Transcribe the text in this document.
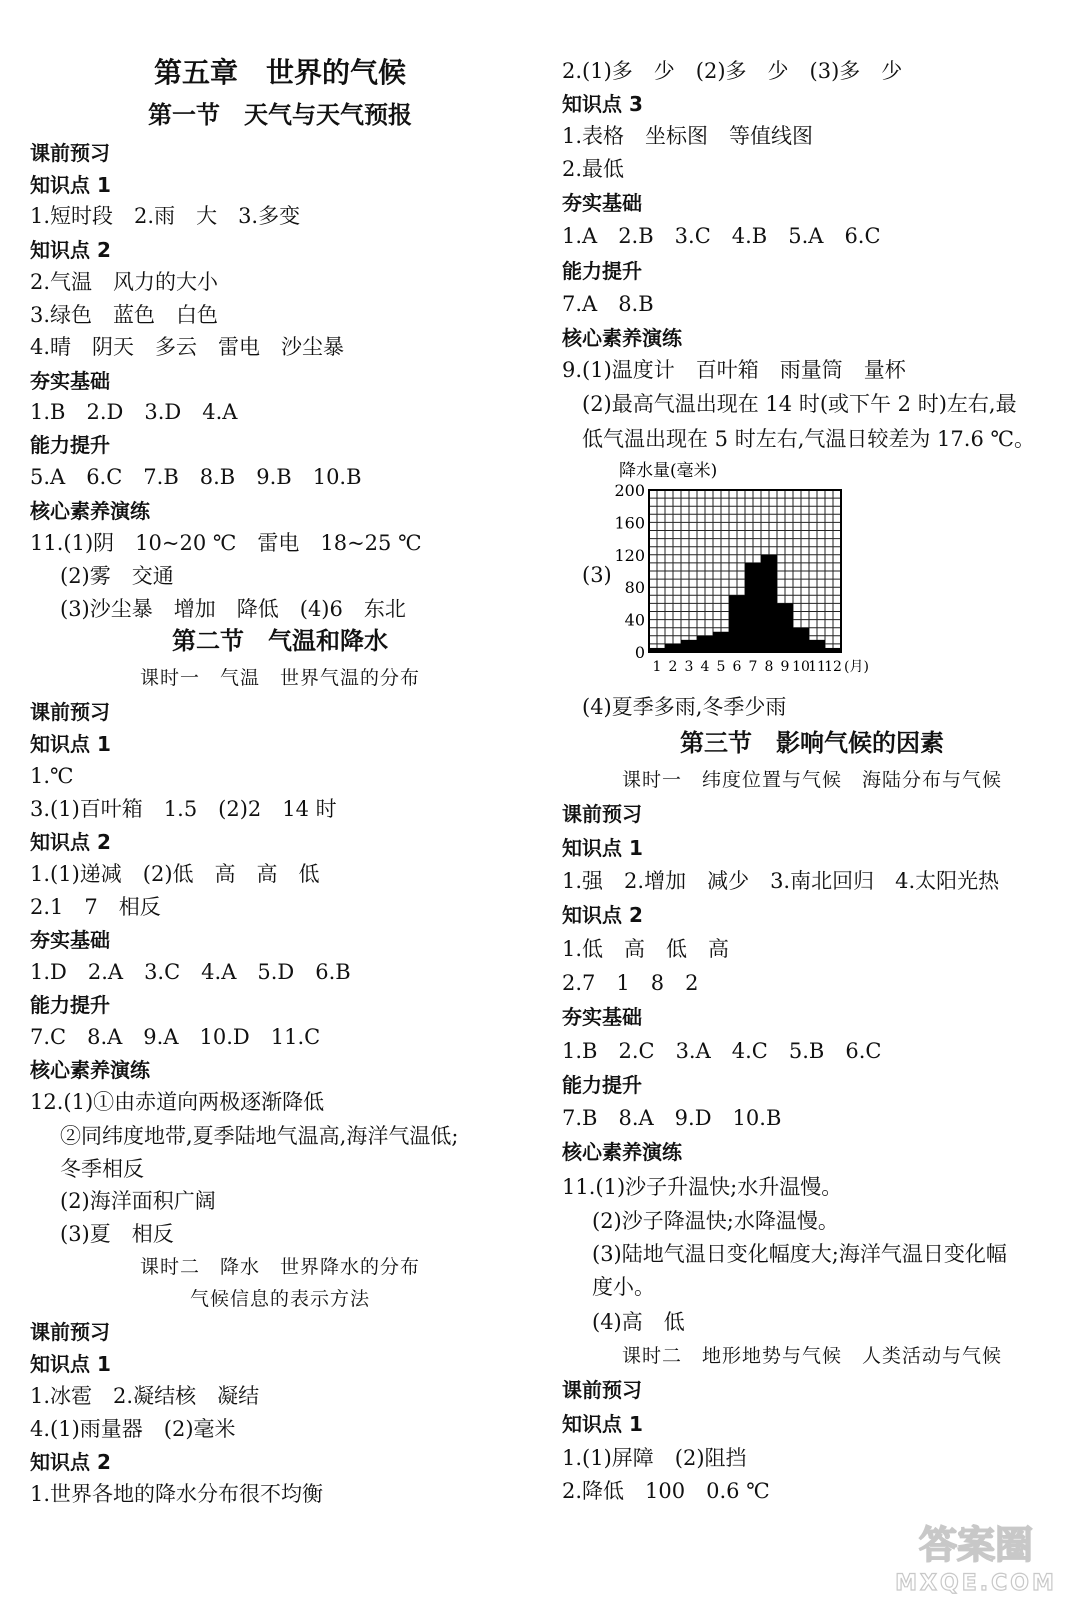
第五章　世界的气候
第一节　天气与天气预报
课前预习
知识点 1
1.短时段　2.雨　大　3.多变
知识点 2
2.气温　风力的大小
3.绿色　蓝色　白色
4.晴　阴天　多云　雷电　沙尘暴
夯实基础
1.B　2.D　3.D　4.A
能力提升
5.A　6.C　7.B　8.B　9.B　10.B
核心素养演练
11.(1)阴　10~20 ℃　雷电　18~25 ℃
(2)雾　交通
(3)沙尘暴　增加　降低　(4)6　东北
第二节　气温和降水
课时一　气温　世界气温的分布
课前预习
知识点 1
1.℃
3.(1)百叶箱　1.5　(2)2　14 时
知识点 2
1.(1)递减　(2)低　高　高　低
2.1　7　相反
夯实基础
1.D　2.A　3.C　4.A　5.D　6.B
能力提升
7.C　8.A　9.A　10.D　11.C
核心素养演练
12.(1)①由赤道向两极逐渐降低
②同纬度地带,夏季陆地气温高,海洋气温低;
冬季相反
(2)海洋面积广阔
(3)夏　相反
课时二　降水　世界降水的分布
气候信息的表示方法
课前预习
知识点 1
1.冰雹　2.凝结核　凝结
4.(1)雨量器　(2)毫米
知识点 2
1.世界各地的降水分布很不均衡
2.(1)多　少　(2)多　少　(3)多　少
知识点 3
1.表格　坐标图　等值线图
2.最低
夯实基础
1.A　2.B　3.C　4.B　5.A　6.C
能力提升
7.A　8.B
核心素养演练
9.(1)温度计　百叶箱　雨量筒　量杯
(2)最高气温出现在 14 时(或下午 2 时)左右,最
低气温出现在 5 时左右,气温日较差为 17.6 ℃。
(3)
(4)夏季多雨,冬季少雨
第三节　影响气候的因素
课时一　纬度位置与气候　海陆分布与气候
课前预习
知识点 1
1.强　2.增加　减少　3.南北回归　4.太阳光热
知识点 2
1.低　高　低　高
2.7　1　8　2
夯实基础
1.B　2.C　3.A　4.C　5.B　6.C
能力提升
7.B　8.A　9.D　10.B
核心素养演练
11.(1)沙子升温快;水升温慢。
(2)沙子降温快;水降温慢。
(3)陆地气温日变化幅度大;海洋气温日变化幅
度小。
(4)高　低
课时二　地形地势与气候　人类活动与气候
课前预习
知识点 1
1.(1)屏障　(2)阻挡
2.降低　100　0.6 ℃
0
40
80
120
160
200
1 2 3 4 5 6 7 8 9 10
11
12 (月)
降水量(毫米)
答案圈
MXQE.COM
